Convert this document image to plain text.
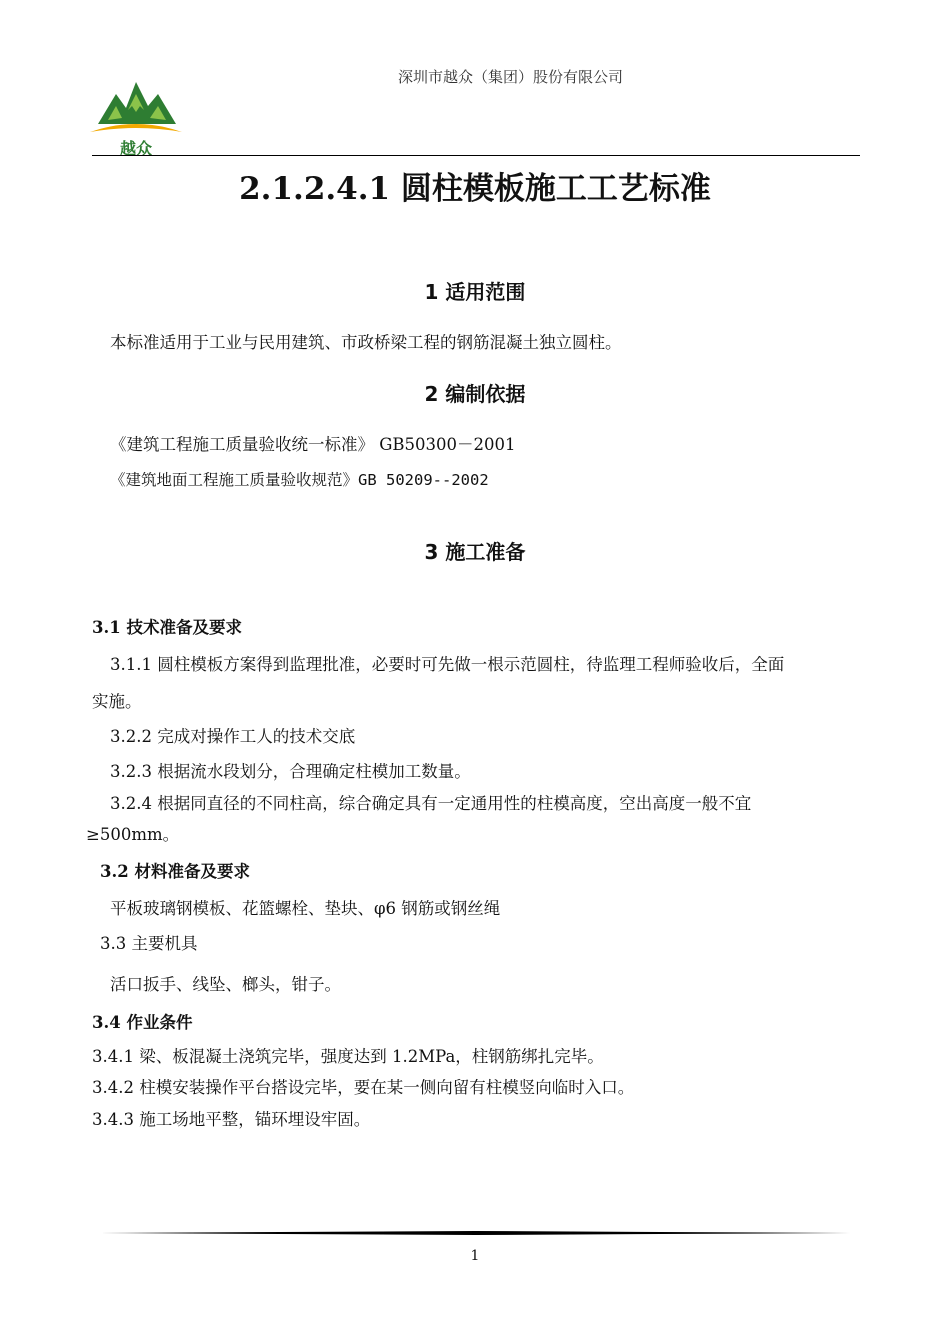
深圳市越众（集团）股份有限公司
越众
2.1.2.4.1 圆柱模板施工工艺标准
1 适用范围
本标准适用于工业与民用建筑、市政桥梁工程的钢筋混凝土独立圆柱。
2 编制依据
《建筑工程施工质量验收统一标准》 GB50300－2001
《建筑地面工程施工质量验收规范》GB 50209--2002
3 施工准备
3.1 技术准备及要求
3.1.1 圆柱模板方案得到监理批准，必要时可先做一根示范圆柱，待监理工程师验收后，全面
实施。
3.2.2 完成对操作工人的技术交底
3.2.3 根据流水段划分，合理确定柱模加工数量。
3.2.4 根据同直径的不同柱高，综合确定具有一定通用性的柱模高度，空出高度一般不宜
≥500mm。
3.2 材料准备及要求
平板玻璃钢模板、花篮螺栓、垫块、φ6 钢筋或钢丝绳
3.3 主要机具
活口扳手、线坠、榔头，钳子。
3.4 作业条件
3.4.1 梁、板混凝土浇筑完毕，强度达到 1.2MPa，柱钢筋绑扎完毕。
3.4.2 柱模安装操作平台搭设完毕，要在某一侧向留有柱模竖向临时入口。
3.4.3 施工场地平整，锚环埋设牢固。
1
